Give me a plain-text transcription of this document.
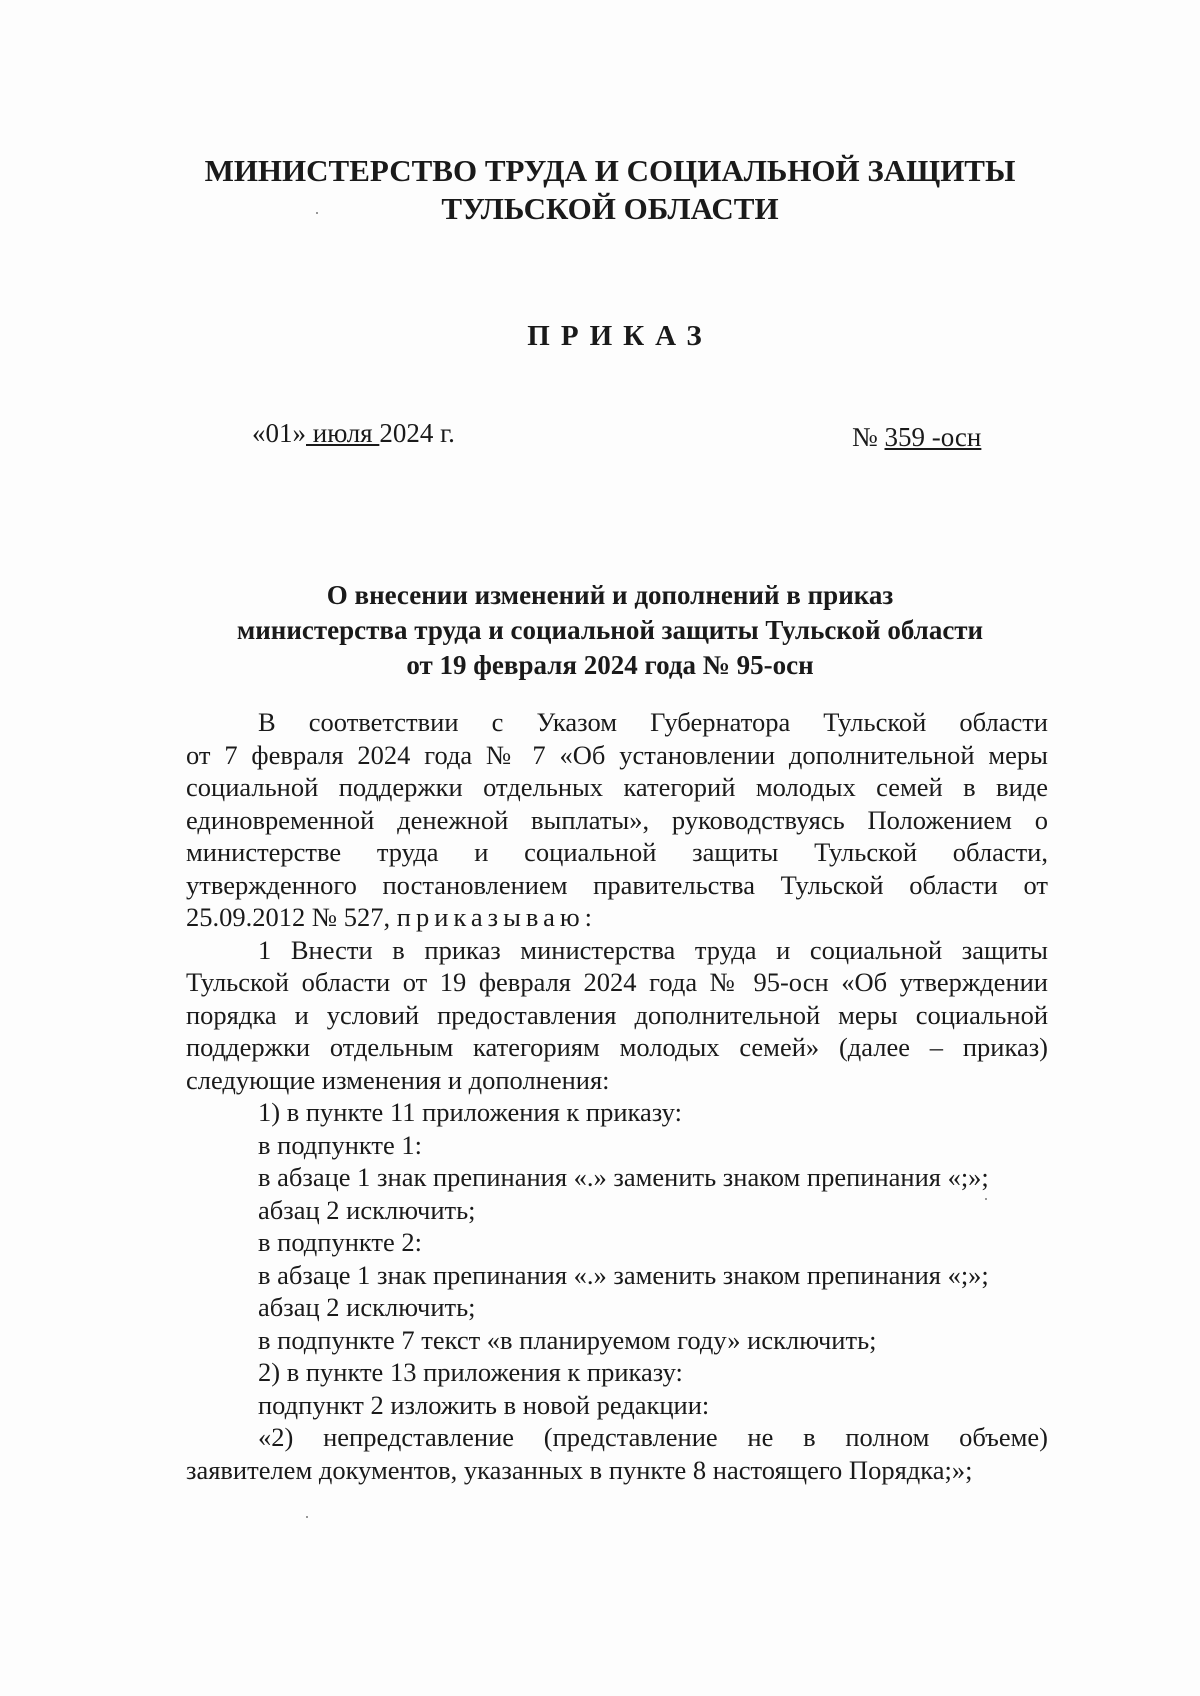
МИНИСТЕРСТВО ТРУДА И СОЦИАЛЬНОЙ ЗАЩИТЫ
ТУЛЬСКОЙ ОБЛАСТИ
ПРИКАЗ
«01» июля 2024 г.	№ 359 -осн
О внесении изменений и дополнений в приказ
министерства труда и социальной защиты Тульской области
от 19 февраля 2024 года № 95-осн
В соответствии с Указом Губернатора Тульской области
от 7 февраля 2024 года № 7 «Об установлении дополнительной меры
социальной поддержки отдельных категорий молодых семей в виде
единовременной денежной выплаты», руководствуясь Положением о
министерстве труда и социальной защиты Тульской области,
утвержденного постановлением правительства Тульской области от
25.09.2012 № 527, приказываю:
1 Внести в приказ министерства труда и социальной защиты
Тульской области от 19 февраля 2024 года № 95-осн «Об утверждении
порядка и условий предоставления дополнительной меры социальной
поддержки отдельным категориям молодых семей» (далее – приказ)
следующие изменения и дополнения:
1) в пункте 11 приложения к приказу:
в подпункте 1:
в абзаце 1 знак препинания «.» заменить знаком препинания «;»;
абзац 2 исключить;
в подпункте 2:
в абзаце 1 знак препинания «.» заменить знаком препинания «;»;
абзац 2 исключить;
в подпункте 7 текст «в планируемом году» исключить;
2) в пункте 13 приложения к приказу:
подпункт 2 изложить в новой редакции:
«2) непредставление (представление не в полном объеме)
заявителем документов, указанных в пункте 8 настоящего Порядка;»;
